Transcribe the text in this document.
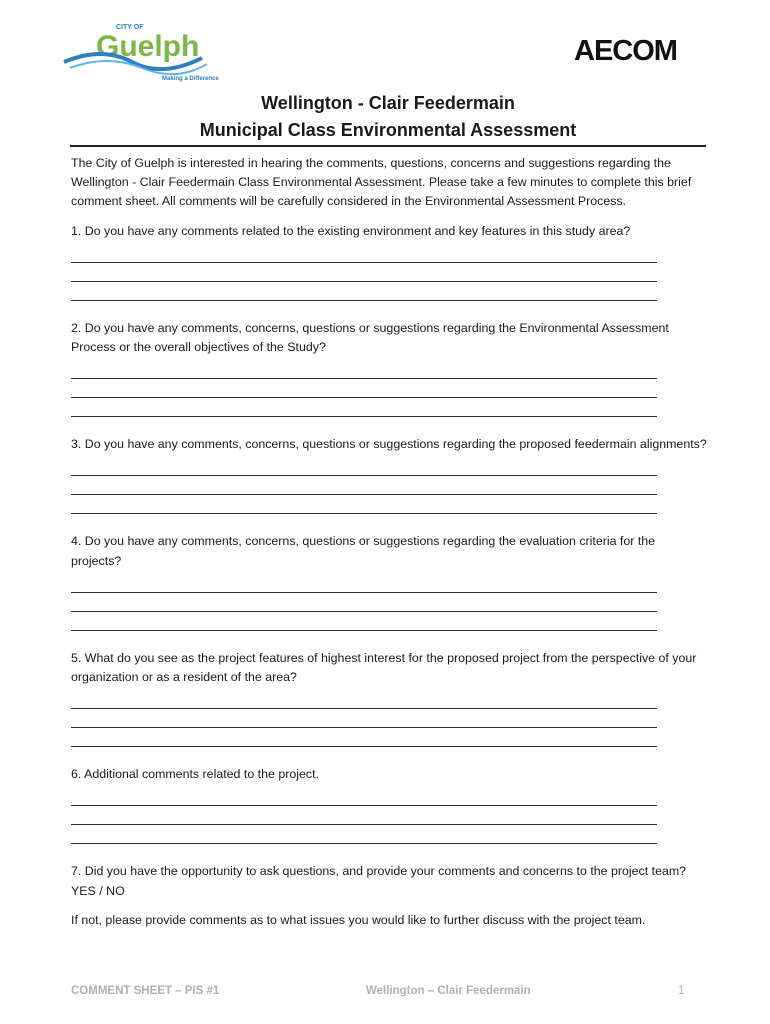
CITY OF
Guelph
Making a Difference
AECOM
Wellington - Clair Feedermain
Municipal Class Environmental Assessment

The City of Guelph is interested in hearing the comments, questions, concerns and suggestions regarding the Wellington - Clair Feedermain Class Environmental Assessment. Please take a few minutes to complete this brief comment sheet. All comments will be carefully considered in the Environmental Assessment Process.

1. Do you have any comments related to the existing environment and key features in this study area?

2. Do you have any comments, concerns, questions or suggestions regarding the Environmental Assessment Process or the overall objectives of the Study?

3. Do you have any comments, concerns, questions or suggestions regarding the proposed feedermain alignments?

4. Do you have any comments, concerns, questions or suggestions regarding the evaluation criteria for the projects?

5. What do you see as the project features of highest interest for the proposed project from the perspective of your organization or as a resident of the area?

6. Additional comments related to the project.

7. Did you have the opportunity to ask questions, and provide your comments and concerns to the project team? YES / NO

If not, please provide comments as to what issues you would like to further discuss with the project team.

COMMENT SHEET – PIS #1	Wellington – Clair Feedermain	1
